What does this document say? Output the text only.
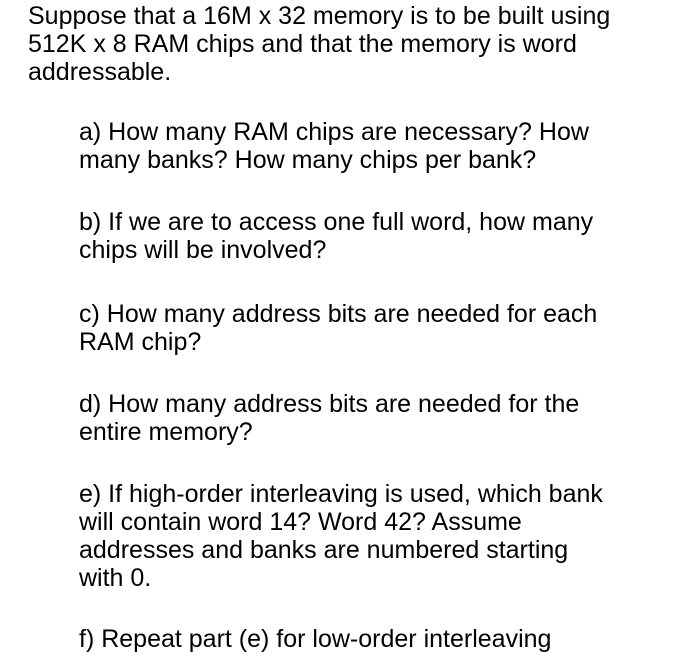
Suppose that a 16M x 32 memory is to be built using
512K x 8 RAM chips and that the memory is word
addressable.

a) How many RAM chips are necessary? How
many banks? How many chips per bank?
b) If we are to access one full word, how many
chips will be involved?
c) How many address bits are needed for each
RAM chip?
d) How many address bits are needed for the
entire memory?
e) If high-order interleaving is used, which bank
will contain word 14? Word 42? Assume
addresses and banks are numbered starting
with 0.
f) Repeat part (e) for low-order interleaving
